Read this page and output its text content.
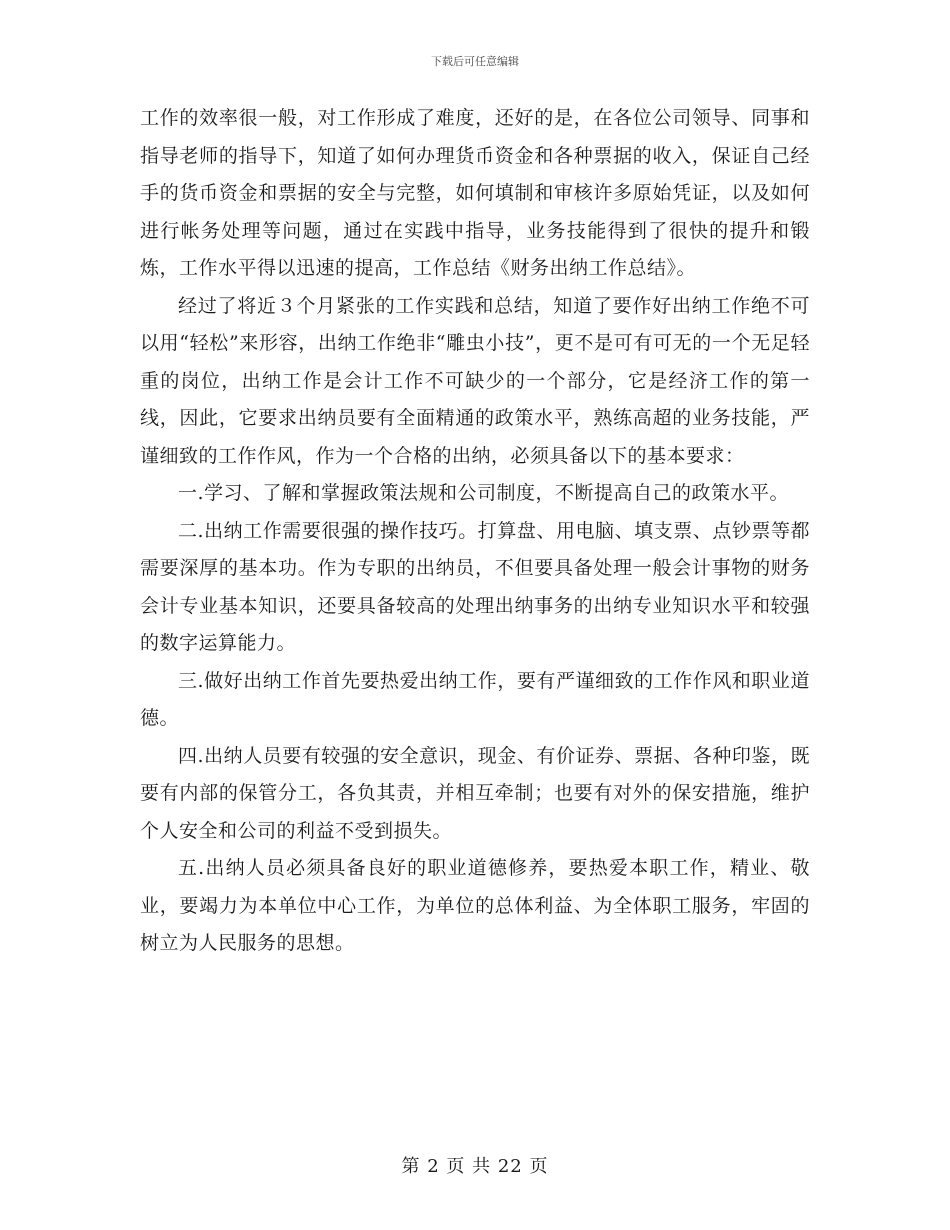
下载后可任意编辑

工作的效率很一般，对工作形成了难度，还好的是，在各位公司领导、同事和指导老师的指导下，知道了如何办理货币资金和各种票据的收入，保证自己经手的货币资金和票据的安全与完整，如何填制和审核许多原始凭证，以及如何进行帐务处理等问题，通过在实践中指导，业务技能得到了很快的提升和锻炼，工作水平得以迅速的提高，工作总结《财务出纳工作总结》。

经过了将近３个月紧张的工作实践和总结，知道了要作好出纳工作绝不可以用“轻松”来形容，出纳工作绝非“雕虫小技”，更不是可有可无的一个无足轻重的岗位，出纳工作是会计工作不可缺少的一个部分，它是经济工作的第一线，因此，它要求出纳员要有全面精通的政策水平，熟练高超的业务技能，严谨细致的工作作风，作为一个合格的出纳，必须具备以下的基本要求：

一.学习、了解和掌握政策法规和公司制度，不断提高自己的政策水平。

二.出纳工作需要很强的操作技巧。打算盘、用电脑、填支票、点钞票等都需要深厚的基本功。作为专职的出纳员，不但要具备处理一般会计事物的财务会计专业基本知识，还要具备较高的处理出纳事务的出纳专业知识水平和较强的数字运算能力。

三.做好出纳工作首先要热爱出纳工作，要有严谨细致的工作作风和职业道德。

四.出纳人员要有较强的安全意识，现金、有价证券、票据、各种印鉴，既要有内部的保管分工，各负其责，并相互牵制；也要有对外的保安措施，维护个人安全和公司的利益不受到损失。

五.出纳人员必须具备良好的职业道德修养，要热爱本职工作，精业、敬业，要竭力为本单位中心工作，为单位的总体利益、为全体职工服务，牢固的树立为人民服务的思想。

第 2 页 共 22 页
